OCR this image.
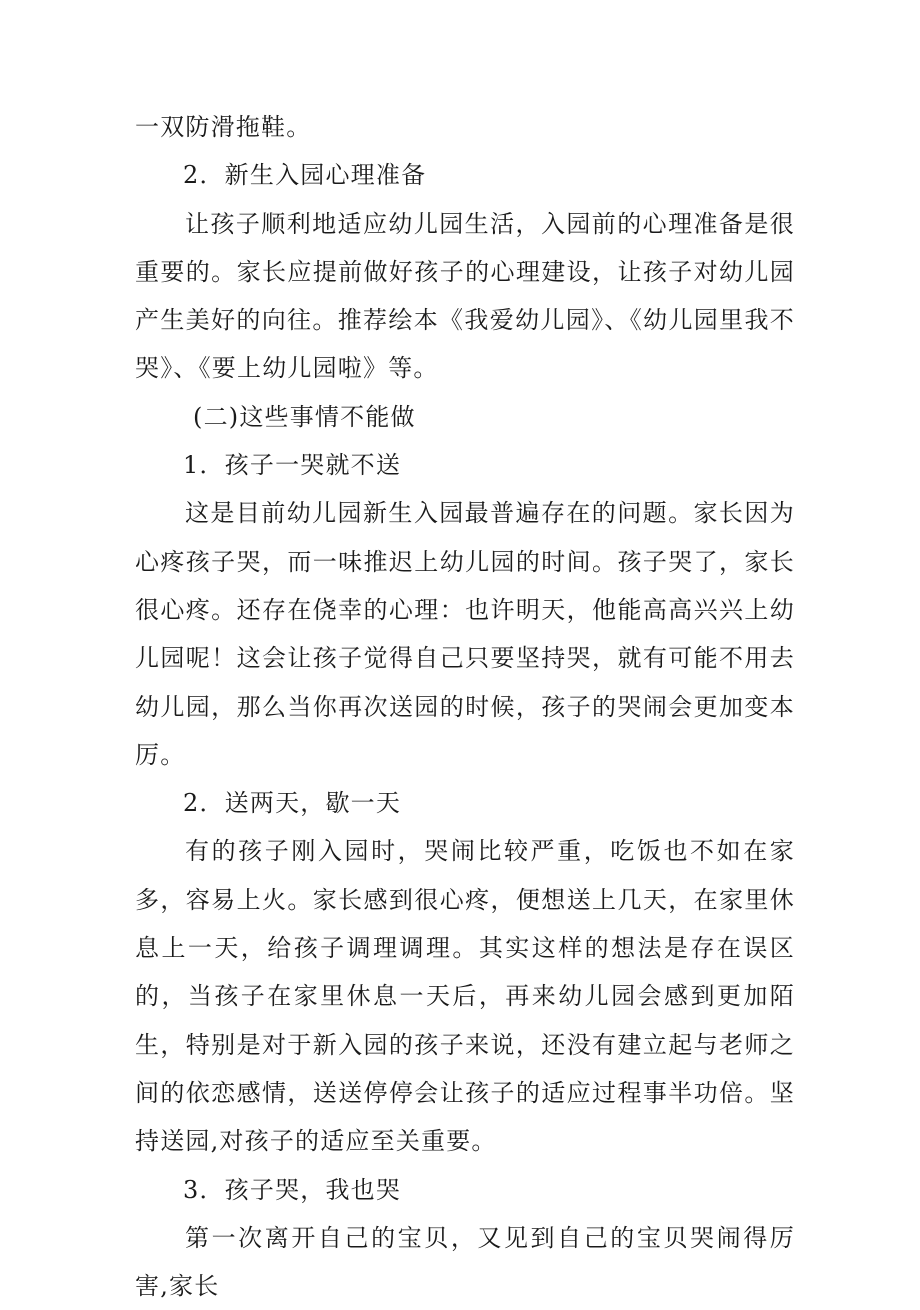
一双防滑拖鞋。

2．新生入园心理准备

让孩子顺利地适应幼儿园生活，入园前的心理准备是很重要的。家长应提前做好孩子的心理建设，让孩子对幼儿园产生美好的向往。推荐绘本《我爱幼儿园》、《幼儿园里我不哭》、《要上幼儿园啦》等。

(二)这些事情不能做

1．孩子一哭就不送

这是目前幼儿园新生入园最普遍存在的问题。家长因为心疼孩子哭，而一味推迟上幼儿园的时间。孩子哭了，家长很心疼。还存在侥幸的心理：也许明天，他能高高兴兴上幼儿园呢！这会让孩子觉得自己只要坚持哭，就有可能不用去幼儿园，那么当你再次送园的时候，孩子的哭闹会更加变本厉。

2．送两天，歇一天

有的孩子刚入园时，哭闹比较严重，吃饭也不如在家多，容易上火。家长感到很心疼，便想送上几天，在家里休息上一天，给孩子调理调理。其实这样的想法是存在误区的，当孩子在家里休息一天后，再来幼儿园会感到更加陌生，特别是对于新入园的孩子来说，还没有建立起与老师之间的依恋感情，送送停停会让孩子的适应过程事半功倍。坚持送园,对孩子的适应至关重要。

3．孩子哭，我也哭

第一次离开自己的宝贝，又见到自己的宝贝哭闹得厉害,家长
